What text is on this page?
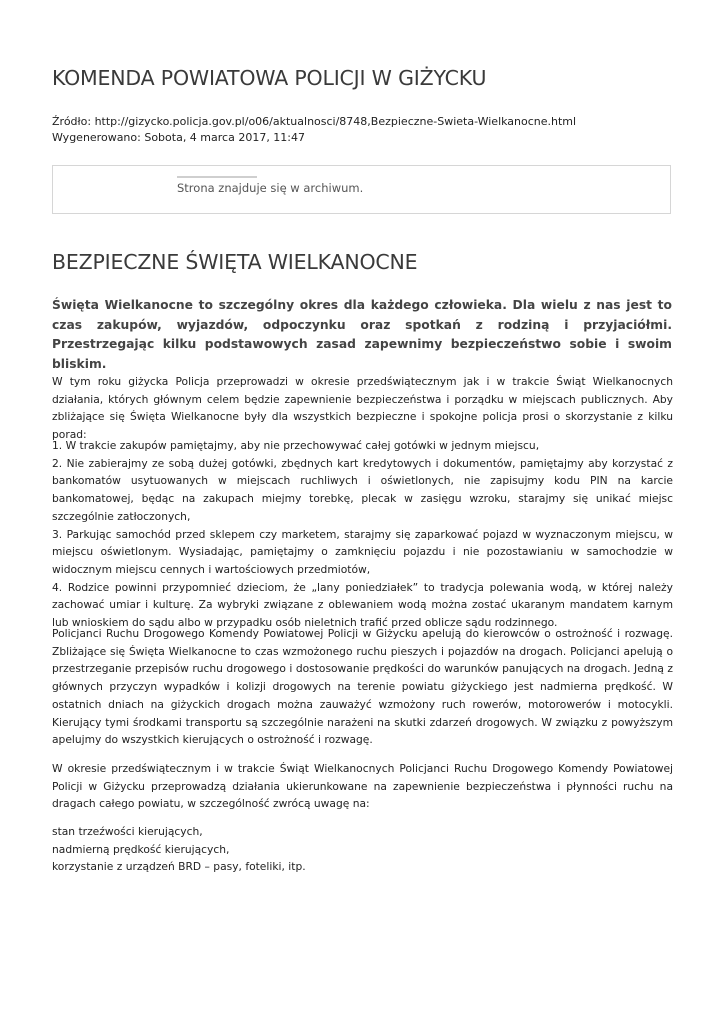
KOMENDA POWIATOWA POLICJI W GIŻYCKU
Źródło: http://gizycko.policja.gov.pl/o06/aktualnosci/8748,Bezpieczne-Swieta-Wielkanocne.html
Wygenerowano: Sobota, 4 marca 2017, 11:47
Strona znajduje się w archiwum.
BEZPIECZNE ŚWIĘTA WIELKANOCNE

Święta Wielkanocne to szczególny okres dla każdego człowieka. Dla wielu z nas jest to czas zakupów, wyjazdów, odpoczynku oraz spotkań z rodziną i przyjaciółmi. Przestrzegając kilku podstawowych zasad zapewnimy bezpieczeństwo sobie i swoim bliskim.

W tym roku giżycka Policja przeprowadzi w okresie przedświątecznym jak i w trakcie Świąt Wielkanocnych działania, których głównym celem będzie zapewnienie bezpieczeństwa i porządku w miejscach publicznych. Aby zbliżające się Święta Wielkanocne były dla wszystkich bezpieczne i spokojne policja prosi o skorzystanie z kilku porad:

1. W trakcie zakupów pamiętajmy, aby nie przechowywać całej gotówki w jednym miejscu,

2. Nie zabierajmy ze sobą dużej gotówki, zbędnych kart kredytowych i dokumentów, pamiętajmy aby korzystać z bankomatów usytuowanych w miejscach ruchliwych i oświetlonych, nie zapisujmy kodu PIN na karcie bankomatowej, będąc na zakupach miejmy torebkę, plecak w zasięgu wzroku, starajmy się unikać miejsc szczególnie zatłoczonych,

3. Parkując samochód przed sklepem czy marketem, starajmy się zaparkować pojazd w wyznaczonym miejscu, w miejscu oświetlonym. Wysiadając, pamiętajmy o zamknięciu pojazdu i nie pozostawianiu w samochodzie w widocznym miejscu cennych i wartościowych przedmiotów,

4. Rodzice powinni przypomnieć dzieciom, że „lany poniedziałek” to tradycja polewania wodą, w której należy zachować umiar i kulturę. Za wybryki związane z oblewaniem wodą można zostać ukaranym mandatem karnym lub wnioskiem do sądu albo w przypadku osób nieletnich trafić przed oblicze sądu rodzinnego.

Policjanci Ruchu Drogowego Komendy Powiatowej Policji w Giżycku apelują do kierowców o ostrożność i rozwagę. Zbliżające się Święta Wielkanocne to czas wzmożonego ruchu pieszych i pojazdów na drogach. Policjanci apelują o przestrzeganie przepisów ruchu drogowego i dostosowanie prędkości do warunków panujących na drogach. Jedną z głównych przyczyn wypadków i kolizji drogowych na terenie powiatu giżyckiego jest nadmierna prędkość. W ostatnich dniach na giżyckich drogach można zauważyć wzmożony ruch rowerów, motorowerów i motocykli. Kierujący tymi środkami transportu są szczególnie narażeni na skutki zdarzeń drogowych. W związku z powyższym apelujmy do wszystkich kierujących o ostrożność i rozwagę.

W okresie przedświątecznym i w trakcie Świąt Wielkanocnych Policjanci Ruchu Drogowego Komendy Powiatowej Policji w Giżycku przeprowadzą działania ukierunkowane na zapewnienie bezpieczeństwa i płynności ruchu na dragach całego powiatu, w szczególność zwrócą uwagę na:

stan trzeźwości kierujących,
nadmierną prędkość kierujących,
korzystanie z urządzeń BRD – pasy, foteliki, itp.
